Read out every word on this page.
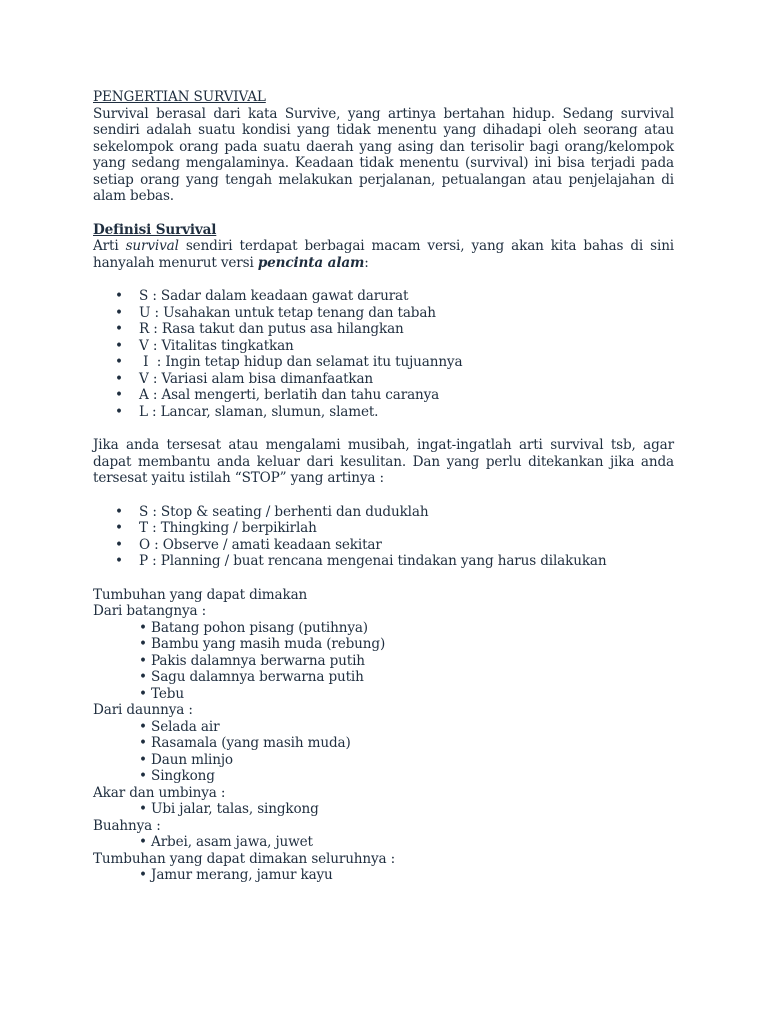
PENGERTIAN SURVIVAL

Survival berasal dari kata Survive, yang artinya bertahan hidup. Sedang survival sendiri adalah suatu kondisi yang tidak menentu yang dihadapi oleh seorang atau sekelompok orang pada suatu daerah yang asing dan terisolir bagi orang/kelompok yang sedang mengalaminya. Keadaan tidak menentu (survival) ini bisa terjadi pada setiap orang yang tengah melakukan perjalanan, petualangan atau penjelajahan di alam bebas.

Definisi Survival

Arti survival sendiri terdapat berbagai macam versi, yang akan kita bahas di sini hanyalah menurut versi pencinta alam:

• S : Sadar dalam keadaan gawat darurat
• U : Usahakan untuk tetap tenang dan tabah
• R : Rasa takut dan putus asa hilangkan
• V : Vitalitas tingkatkan
• I  : Ingin tetap hidup dan selamat itu tujuannya
• V : Variasi alam bisa dimanfaatkan
• A : Asal mengerti, berlatih dan tahu caranya
• L : Lancar, slaman, slumun, slamet.

Jika anda tersesat atau mengalami musibah, ingat-ingatlah arti survival tsb, agar dapat membantu anda keluar dari kesulitan. Dan yang perlu ditekankan jika anda tersesat yaitu istilah “STOP” yang artinya :

• S : Stop & seating / berhenti dan duduklah
• T : Thingking / berpikirlah
• O : Observe / amati keadaan sekitar
• P : Planning / buat rencana mengenai tindakan yang harus dilakukan

Tumbuhan yang dapat dimakan

Dari batangnya :
• Batang pohon pisang (putihnya)
• Bambu yang masih muda (rebung)
• Pakis dalamnya berwarna putih
• Sagu dalamnya berwarna putih
• Tebu
Dari daunnya :
• Selada air
• Rasamala (yang masih muda)
• Daun mlinjo
• Singkong
Akar dan umbinya :
• Ubi jalar, talas, singkong
Buahnya :
• Arbei, asam jawa, juwet
Tumbuhan yang dapat dimakan seluruhnya :
• Jamur merang, jamur kayu
